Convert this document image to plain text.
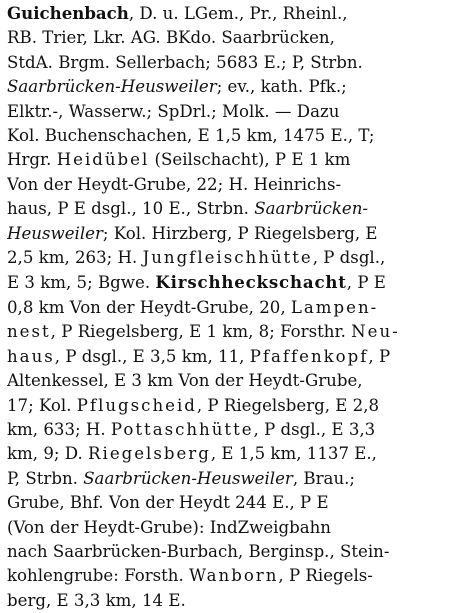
Guichenbach, D. u. LGem., Pr., Rheinl.,
RB. Trier, Lkr. AG. BKdo. Saarbrücken,
StdA. Brgm. Sellerbach; 5683 E.; P, Strbn.
Saarbrücken-Heusweiler; ev., kath. Pfk.;
Elktr.-, Wasserw.; SpDrl.; Molk. — Dazu
Kol. Buchenschachen, E 1,5 km, 1475 E., T;
Hrgr. Heidübel (Seilschacht), P E 1 km
Von der Heydt-Grube, 22; H. Heinrichs-
haus, P E dsgl., 10 E., Strbn. Saarbrücken-
Heusweiler; Kol. Hirzberg, P Riegelsberg, E
2,5 km, 263; H. Jungfleischhütte, P dsgl.,
E 3 km, 5; Bgwe. Kirschheckschacht, P E
0,8 km Von der Heydt-Grube, 20, Lampen-
nest, P Riegelsberg, E 1 km, 8; Forsthr. Neu-
haus, P dsgl., E 3,5 km, 11, Pfaffenkopf, P
Altenkessel, E 3 km Von der Heydt-Grube,
17; Kol. Pflugscheid, P Riegelsberg, E 2,8
km, 633; H. Pottaschhütte, P dsgl., E 3,3
km, 9; D. Riegelsberg, E 1,5 km, 1137 E.,
P, Strbn. Saarbrücken-Heusweiler, Brau.;
Grube, Bhf. Von der Heydt 244 E., P E
(Von der Heydt-Grube): IndZweigbahn
nach Saarbrücken-Burbach, Berginsp., Stein-
kohlengrube: Forsth. Wanborn, P Riegels-
berg, E 3,3 km, 14 E.
